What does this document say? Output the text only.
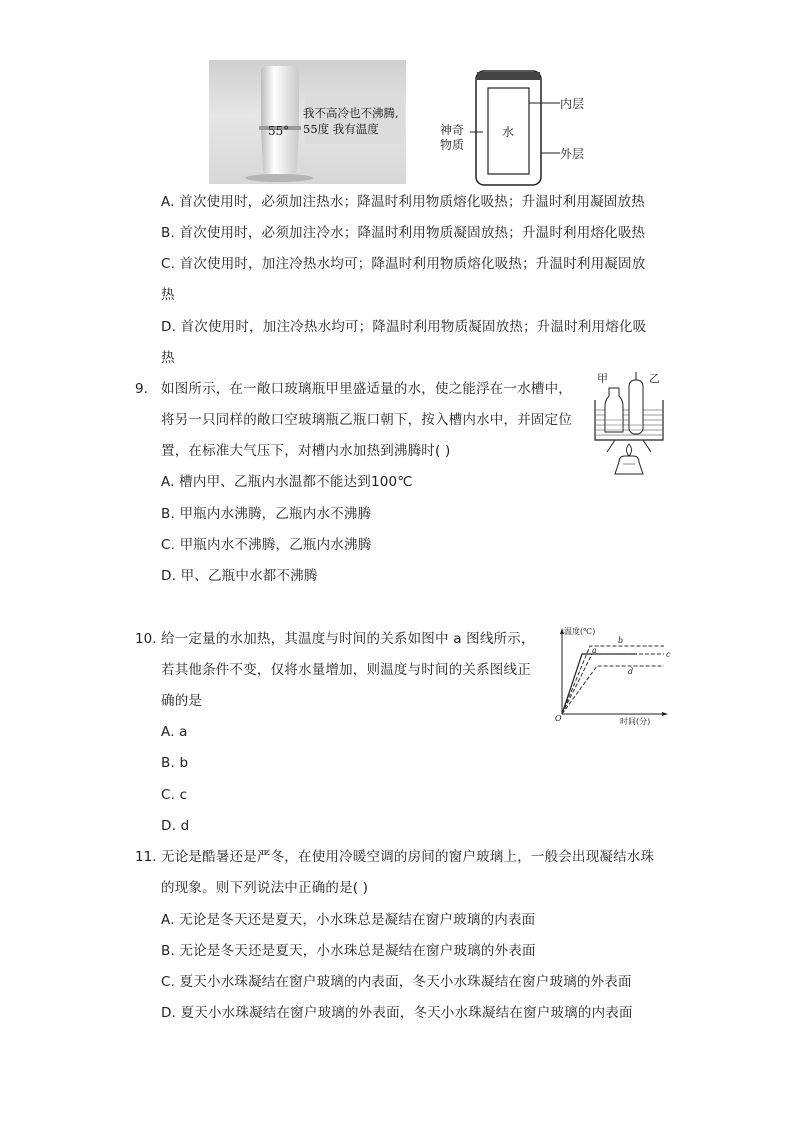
55°
我不高冷也不沸腾,
55度 我有温度
内层
外层
水
神奇
物质
A. 首次使用时，必须加注热水；降温时利用物质熔化吸热；升温时利用凝固放热
B. 首次使用时，必须加注冷水；降温时利用物质凝固放热；升温时利用熔化吸热
C. 首次使用时，加注冷热水均可；降温时利用物质熔化吸热；升温时利用凝固放
热
D. 首次使用时，加注冷热水均可；降温时利用物质凝固放热；升温时利用熔化吸
热
9. 如图所示，在一敞口玻璃瓶甲里盛适量的水，使之能浮在一水槽中，
将另一只同样的敞口空玻璃瓶乙瓶口朝下，按入槽内水中，并固定位
置，在标准大气压下，对槽内水加热到沸腾时( )
A. 槽内甲、乙瓶内水温都不能达到100℃
B. 甲瓶内水沸腾，乙瓶内水不沸腾
C. 甲瓶内水不沸腾，乙瓶内水沸腾
D. 甲、乙瓶中水都不沸腾
甲	乙
10. 给一定量的水加热，其温度与时间的关系如图中 a 图线所示，
若其他条件不变，仅将水量增加，则温度与时间的关系图线正
确的是
A. a
B. b
C. c
D. d
温度(℃)
时间(分)
O
b
a	c
d
11. 无论是酷暑还是严冬，在使用冷暖空调的房间的窗户玻璃上，一般会出现凝结水珠
的现象。则下列说法中正确的是( )
A. 无论是冬天还是夏天，小水珠总是凝结在窗户玻璃的内表面
B. 无论是冬天还是夏天，小水珠总是凝结在窗户玻璃的外表面
C. 夏天小水珠凝结在窗户玻璃的内表面，冬天小水珠凝结在窗户玻璃的外表面
D. 夏天小水珠凝结在窗户玻璃的外表面，冬天小水珠凝结在窗户玻璃的内表面
